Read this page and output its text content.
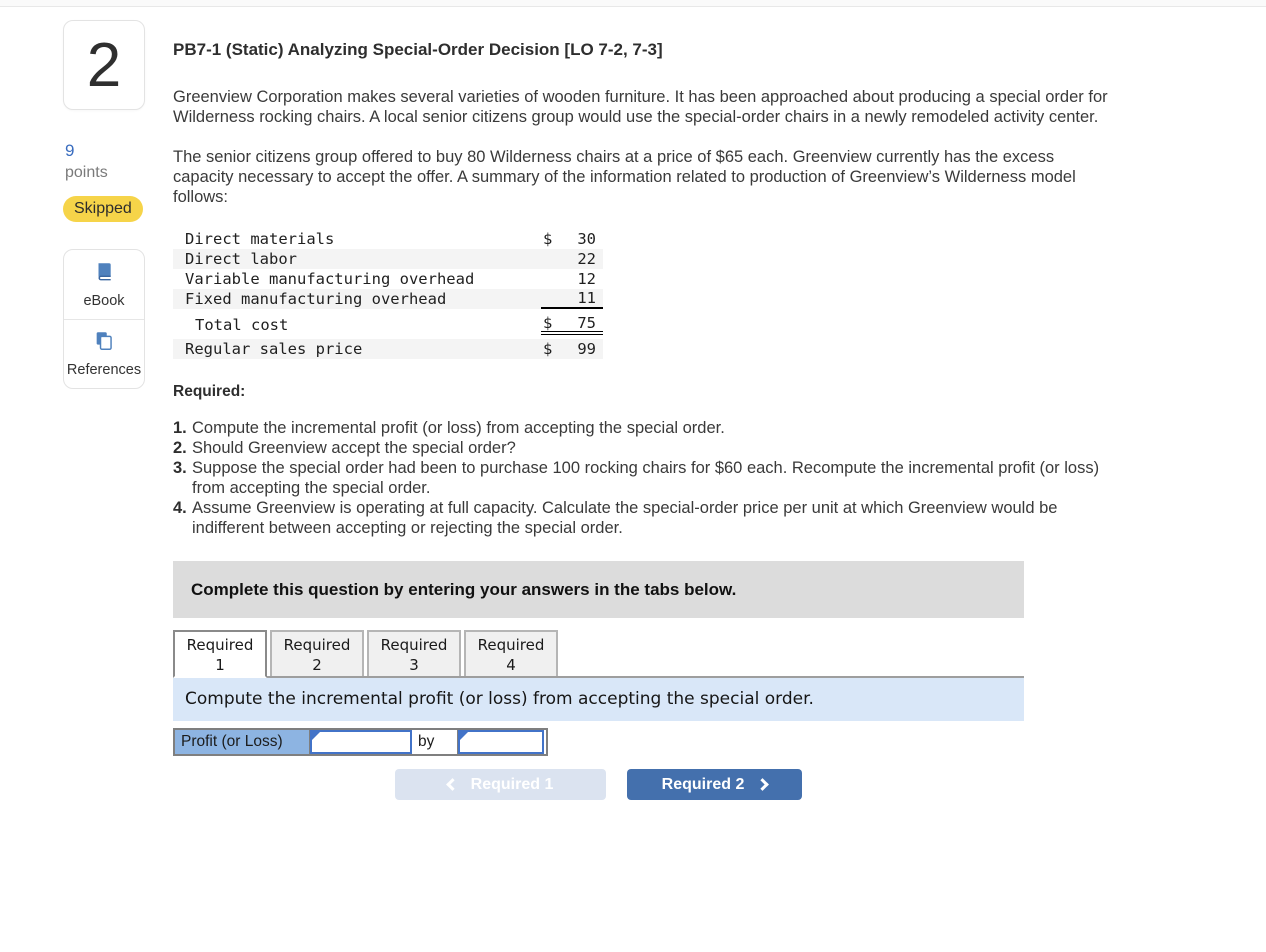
2
9
points
Skipped
eBook
References
PB7-1 (Static) Analyzing Special-Order Decision [LO 7-2, 7-3]

Greenview Corporation makes several varieties of wooden furniture. It has been approached about producing a special order for Wilderness rocking chairs. A local senior citizens group would use the special-order chairs in a newly remodeled activity center.

The senior citizens group offered to buy 80 Wilderness chairs at a price of $65 each. Greenview currently has the excess capacity necessary to accept the offer. A summary of the information related to production of Greenview’s Wilderness model follows:

Direct materials	$ 30
Direct labor	22
Variable manufacturing overhead	12
Fixed manufacturing overhead	11
Total cost	$ 75
Regular sales price	$ 99
Required:
1. Compute the incremental profit (or loss) from accepting the special order.
2. Should Greenview accept the special order?
3. Suppose the special order had been to purchase 100 rocking chairs for $60 each. Recompute the incremental profit (or loss) from accepting the special order.
4. Assume Greenview is operating at full capacity. Calculate the special-order price per unit at which Greenview would be indifferent between accepting or rejecting the special order.
Complete this question by entering your answers in the tabs below.
Required
1
Required
2
Required
3
Required
4
Compute the incremental profit (or loss) from accepting the special order.
Profit (or Loss)	by
Required 1	Required 2
